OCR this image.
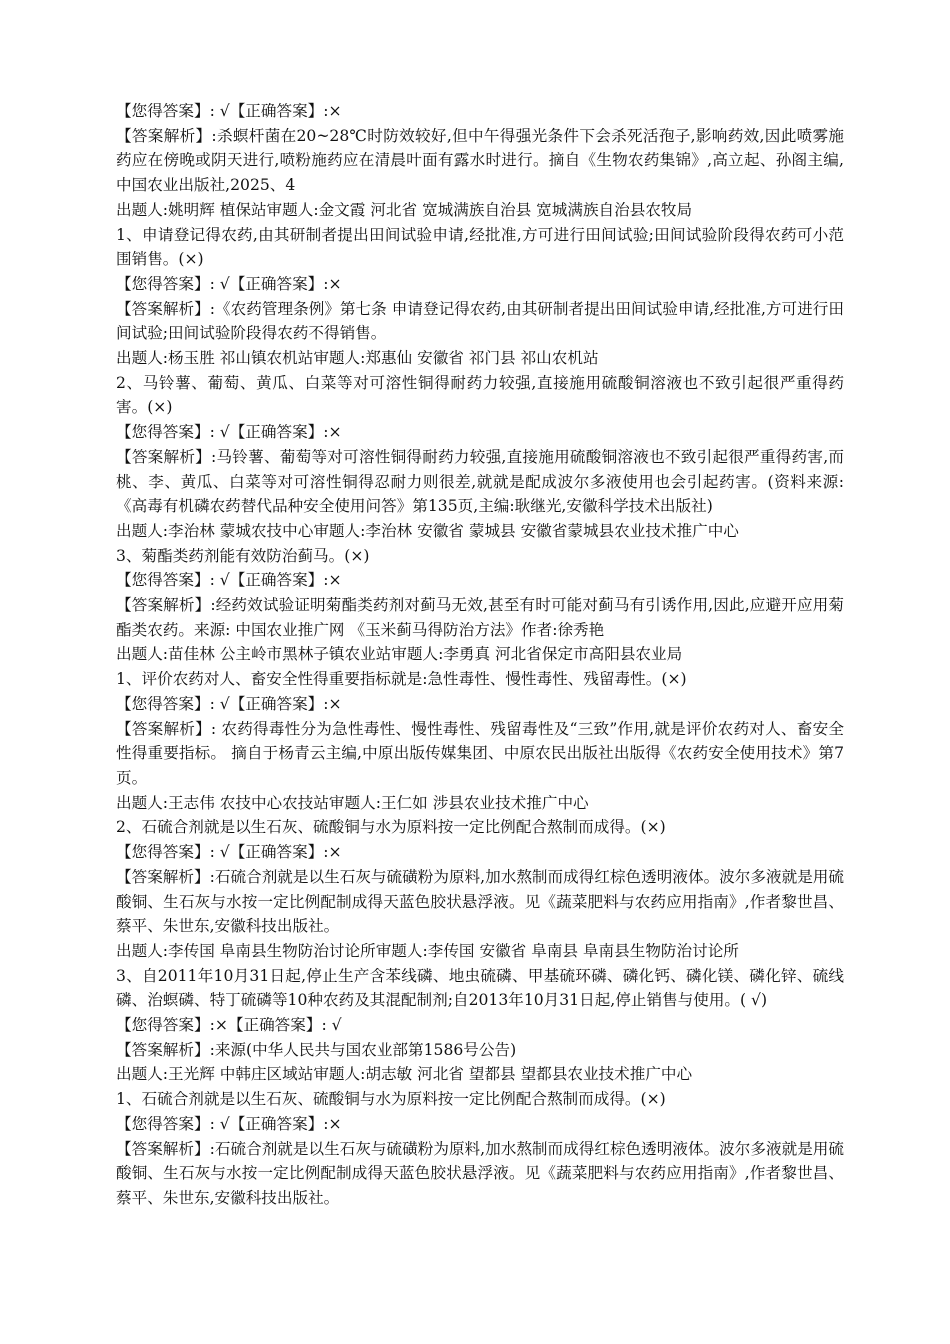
【您得答案】: √【正确答案】:×
【答案解析】:杀螟杆菌在20~28℃时防效较好,但中午得强光条件下会杀死活孢子,影响药效,因此喷雾施药应在傍晚或阴天进行,喷粉施药应在清晨叶面有露水时进行。摘自《生物农药集锦》,高立起、孙阁主编,中国农业出版社,2025、4
出题人:姚明辉 植保站审题人:金文霞 河北省 宽城满族自治县 宽城满族自治县农牧局
1、申请登记得农药,由其研制者提出田间试验申请,经批准,方可进行田间试验;田间试验阶段得农药可小范围销售。(×)
【您得答案】: √【正确答案】:×
【答案解析】:《农药管理条例》第七条 申请登记得农药,由其研制者提出田间试验申请,经批准,方可进行田间试验;田间试验阶段得农药不得销售。
出题人:杨玉胜 祁山镇农机站审题人:郑惠仙 安徽省 祁门县 祁山农机站
2、马铃薯、葡萄、黄瓜、白菜等对可溶性铜得耐药力较强,直接施用硫酸铜溶液也不致引起很严重得药害。(×)
【您得答案】: √【正确答案】:×
【答案解析】:马铃薯、葡萄等对可溶性铜得耐药力较强,直接施用硫酸铜溶液也不致引起很严重得药害,而桃、李、黄瓜、白菜等对可溶性铜得忍耐力则很差,就就是配成波尔多液使用也会引起药害。(资料来源:《高毒有机磷农药替代品种安全使用问答》第135页,主编:耿继光,安徽科学技术出版社)
出题人:李治林 蒙城农技中心审题人:李治林 安徽省 蒙城县 安徽省蒙城县农业技术推广中心
3、菊酯类药剂能有效防治蓟马。(×)
【您得答案】: √【正确答案】:×
【答案解析】:经药效试验证明菊酯类药剂对蓟马无效,甚至有时可能对蓟马有引诱作用,因此,应避开应用菊酯类农药。来源: 中国农业推广网 《玉米蓟马得防治方法》作者:徐秀艳
出题人:苗佳林 公主岭市黑林子镇农业站审题人:李勇真 河北省保定市高阳县农业局
1、评价农药对人、畜安全性得重要指标就是:急性毒性、慢性毒性、残留毒性。(×)
【您得答案】: √【正确答案】:×
【答案解析】: 农药得毒性分为急性毒性、慢性毒性、残留毒性及“三致”作用,就是评价农药对人、畜安全性得重要指标。 摘自于杨青云主编,中原出版传媒集团、中原农民出版社出版得《农药安全使用技术》第7页。
出题人:王志伟 农技中心农技站审题人:王仁如 涉县农业技术推广中心
2、石硫合剂就是以生石灰、硫酸铜与水为原料按一定比例配合熬制而成得。(×)
【您得答案】: √【正确答案】:×
【答案解析】:石硫合剂就是以生石灰与硫磺粉为原料,加水熬制而成得红棕色透明液体。波尔多液就是用硫酸铜、生石灰与水按一定比例配制成得天蓝色胶状悬浮液。见《蔬菜肥料与农药应用指南》,作者黎世昌、蔡平、朱世东,安徽科技出版社。
出题人:李传国 阜南县生物防治讨论所审题人:李传国 安徽省 阜南县 阜南县生物防治讨论所
3、自2011年10月31日起,停止生产含苯线磷、地虫硫磷、甲基硫环磷、磷化钙、磷化镁、磷化锌、硫线磷、治螟磷、特丁硫磷等10种农药及其混配制剂;自2013年10月31日起,停止销售与使用。( √)
【您得答案】:×【正确答案】: √
【答案解析】:来源(中华人民共与国农业部第1586号公告)
出题人:王光辉 中韩庄区域站审题人:胡志敏 河北省 望都县 望都县农业技术推广中心
1、石硫合剂就是以生石灰、硫酸铜与水为原料按一定比例配合熬制而成得。(×)
【您得答案】: √【正确答案】:×
【答案解析】:石硫合剂就是以生石灰与硫磺粉为原料,加水熬制而成得红棕色透明液体。波尔多液就是用硫酸铜、生石灰与水按一定比例配制成得天蓝色胶状悬浮液。见《蔬菜肥料与农药应用指南》,作者黎世昌、蔡平、朱世东,安徽科技出版社。
